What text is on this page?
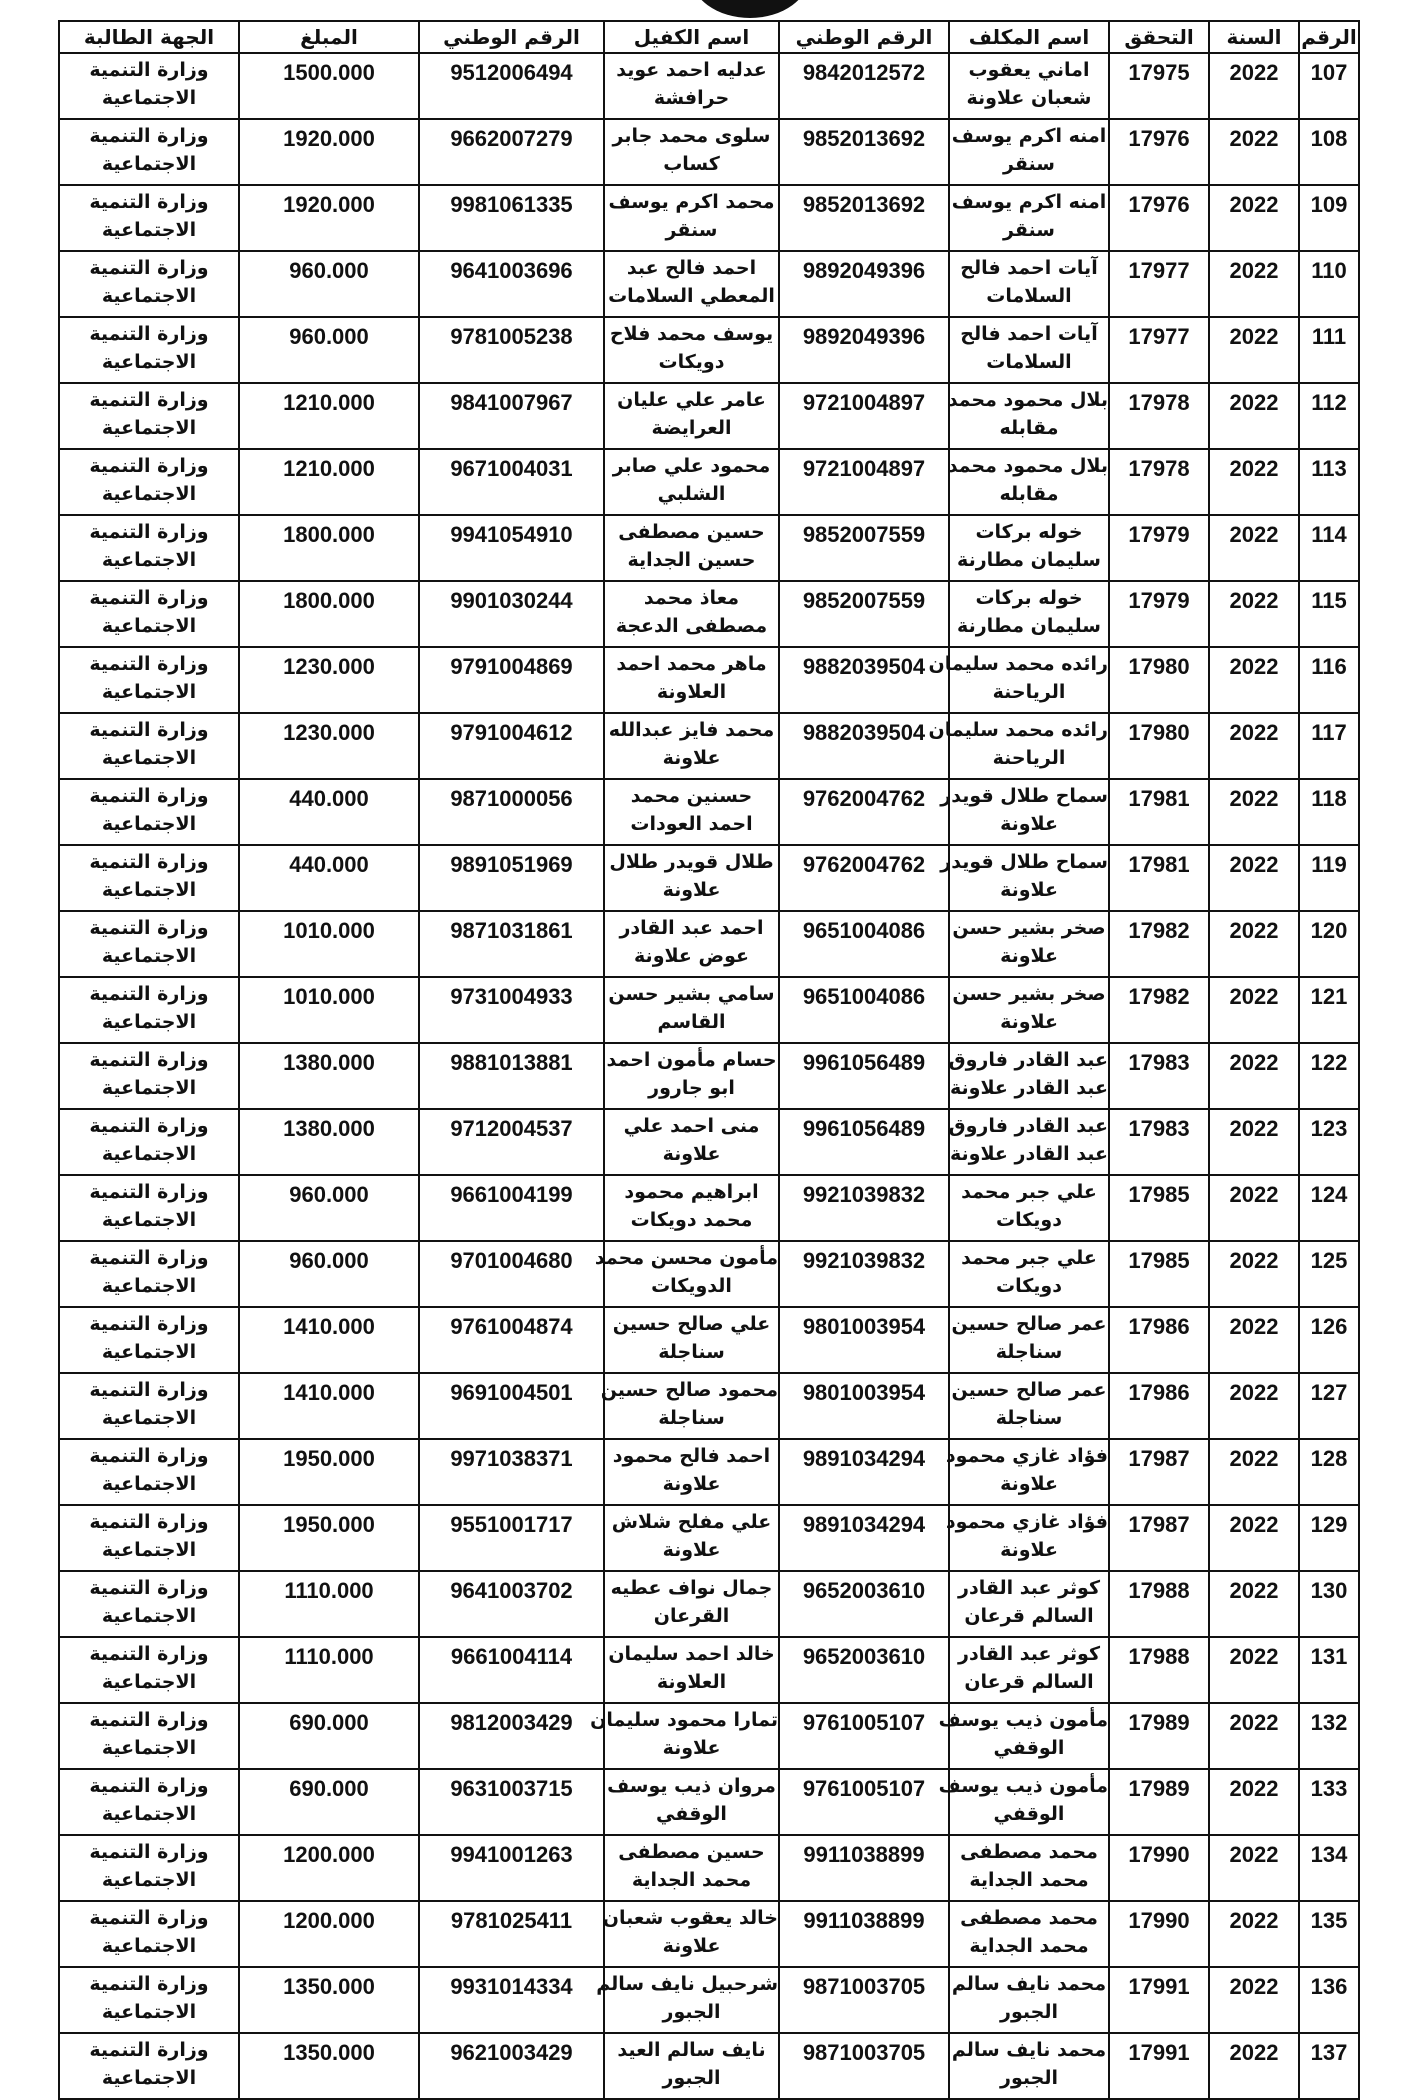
الرقم	السنة	التحقق	اسم المكلف	الرقم الوطني	اسم الكفيل	الرقم الوطني	المبلغ	الجهة الطالبة
107	2022	17975	اماني يعقوب
شعبان علاونة	9842012572	عدليه احمد عويد
حرافشة	9512006494	1500.000	وزارة التنمية
الاجتماعية

108	2022	17976	امنه اكرم يوسف
سنقر	9852013692	سلوى محمد جابر
كساب	9662007279	1920.000	وزارة التنمية
الاجتماعية

109	2022	17976	امنه اكرم يوسف
سنقر	9852013692	محمد اكرم يوسف
سنقر	9981061335	1920.000	وزارة التنمية
الاجتماعية

110	2022	17977	آيات احمد فالح
السلامات	9892049396	احمد فالح عبد
المعطي السلامات	9641003696	960.000	وزارة التنمية
الاجتماعية

111	2022	17977	آيات احمد فالح
السلامات	9892049396	يوسف محمد فلاح
دويكات	9781005238	960.000	وزارة التنمية
الاجتماعية

112	2022	17978	بلال محمود محمد
مقابله	9721004897	عامر علي عليان
العرايضة	9841007967	1210.000	وزارة التنمية
الاجتماعية

113	2022	17978	بلال محمود محمد
مقابله	9721004897	محمود علي صابر
الشلبي	9671004031	1210.000	وزارة التنمية
الاجتماعية

114	2022	17979	خوله بركات
سليمان مطارنة	9852007559	حسين مصطفى
حسين الجداية	9941054910	1800.000	وزارة التنمية
الاجتماعية

115	2022	17979	خوله بركات
سليمان مطارنة	9852007559	معاذ محمد
مصطفى الدعجة	9901030244	1800.000	وزارة التنمية
الاجتماعية

116	2022	17980	رائده محمد سليمان
الرياحنة	9882039504	ماهر محمد احمد
العلاونة	9791004869	1230.000	وزارة التنمية
الاجتماعية

117	2022	17980	رائده محمد سليمان
الرياحنة	9882039504	محمد فايز عبدالله
علاونة	9791004612	1230.000	وزارة التنمية
الاجتماعية

118	2022	17981	سماح طلال قويدر
علاونة	9762004762	حسنين محمد
احمد العودات	9871000056	440.000	وزارة التنمية
الاجتماعية

119	2022	17981	سماح طلال قويدر
علاونة	9762004762	طلال قويدر طلال
علاونة	9891051969	440.000	وزارة التنمية
الاجتماعية

120	2022	17982	صخر بشير حسن
علاونة	9651004086	احمد عبد القادر
عوض علاونة	9871031861	1010.000	وزارة التنمية
الاجتماعية

121	2022	17982	صخر بشير حسن
علاونة	9651004086	سامي بشير حسن
القاسم	9731004933	1010.000	وزارة التنمية
الاجتماعية

122	2022	17983	عبد القادر فاروق
عبد القادر علاونة	9961056489	حسام مأمون احمد
ابو جارور	9881013881	1380.000	وزارة التنمية
الاجتماعية

123	2022	17983	عبد القادر فاروق
عبد القادر علاونة	9961056489	منى احمد علي
علاونة	9712004537	1380.000	وزارة التنمية
الاجتماعية

124	2022	17985	علي جبر محمد
دويكات	9921039832	ابراهيم محمود
محمد دويكات	9661004199	960.000	وزارة التنمية
الاجتماعية

125	2022	17985	علي جبر محمد
دويكات	9921039832	مأمون محسن محمد
الدويكات	9701004680	960.000	وزارة التنمية
الاجتماعية

126	2022	17986	عمر صالح حسين
سناجلة	9801003954	علي صالح حسين
سناجلة	9761004874	1410.000	وزارة التنمية
الاجتماعية

127	2022	17986	عمر صالح حسين
سناجلة	9801003954	محمود صالح حسين
سناجلة	9691004501	1410.000	وزارة التنمية
الاجتماعية

128	2022	17987	فؤاد غازي محمود
علاونة	9891034294	احمد فالح محمود
علاونة	9971038371	1950.000	وزارة التنمية
الاجتماعية

129	2022	17987	فؤاد غازي محمود
علاونة	9891034294	علي مفلح شلاش
علاونة	9551001717	1950.000	وزارة التنمية
الاجتماعية

130	2022	17988	كوثر عبد القادر
السالم قرعان	9652003610	جمال نواف عطيه
القرعان	9641003702	1110.000	وزارة التنمية
الاجتماعية

131	2022	17988	كوثر عبد القادر
السالم قرعان	9652003610	خالد احمد سليمان
العلاونة	9661004114	1110.000	وزارة التنمية
الاجتماعية

132	2022	17989	مأمون ذيب يوسف
الوقفي	9761005107	تمارا محمود سليمان
علاونة	9812003429	690.000	وزارة التنمية
الاجتماعية

133	2022	17989	مأمون ذيب يوسف
الوقفي	9761005107	مروان ذيب يوسف
الوقفي	9631003715	690.000	وزارة التنمية
الاجتماعية

134	2022	17990	محمد مصطفى
محمد الجداية	9911038899	حسين مصطفى
محمد الجداية	9941001263	1200.000	وزارة التنمية
الاجتماعية

135	2022	17990	محمد مصطفى
محمد الجداية	9911038899	خالد يعقوب شعبان
علاونة	9781025411	1200.000	وزارة التنمية
الاجتماعية

136	2022	17991	محمد نايف سالم
الجبور	9871003705	شرحبيل نايف سالم
الجبور	9931014334	1350.000	وزارة التنمية
الاجتماعية

137	2022	17991	محمد نايف سالم
الجبور	9871003705	نايف سالم العيد
الجبور	9621003429	1350.000	وزارة التنمية
الاجتماعية
